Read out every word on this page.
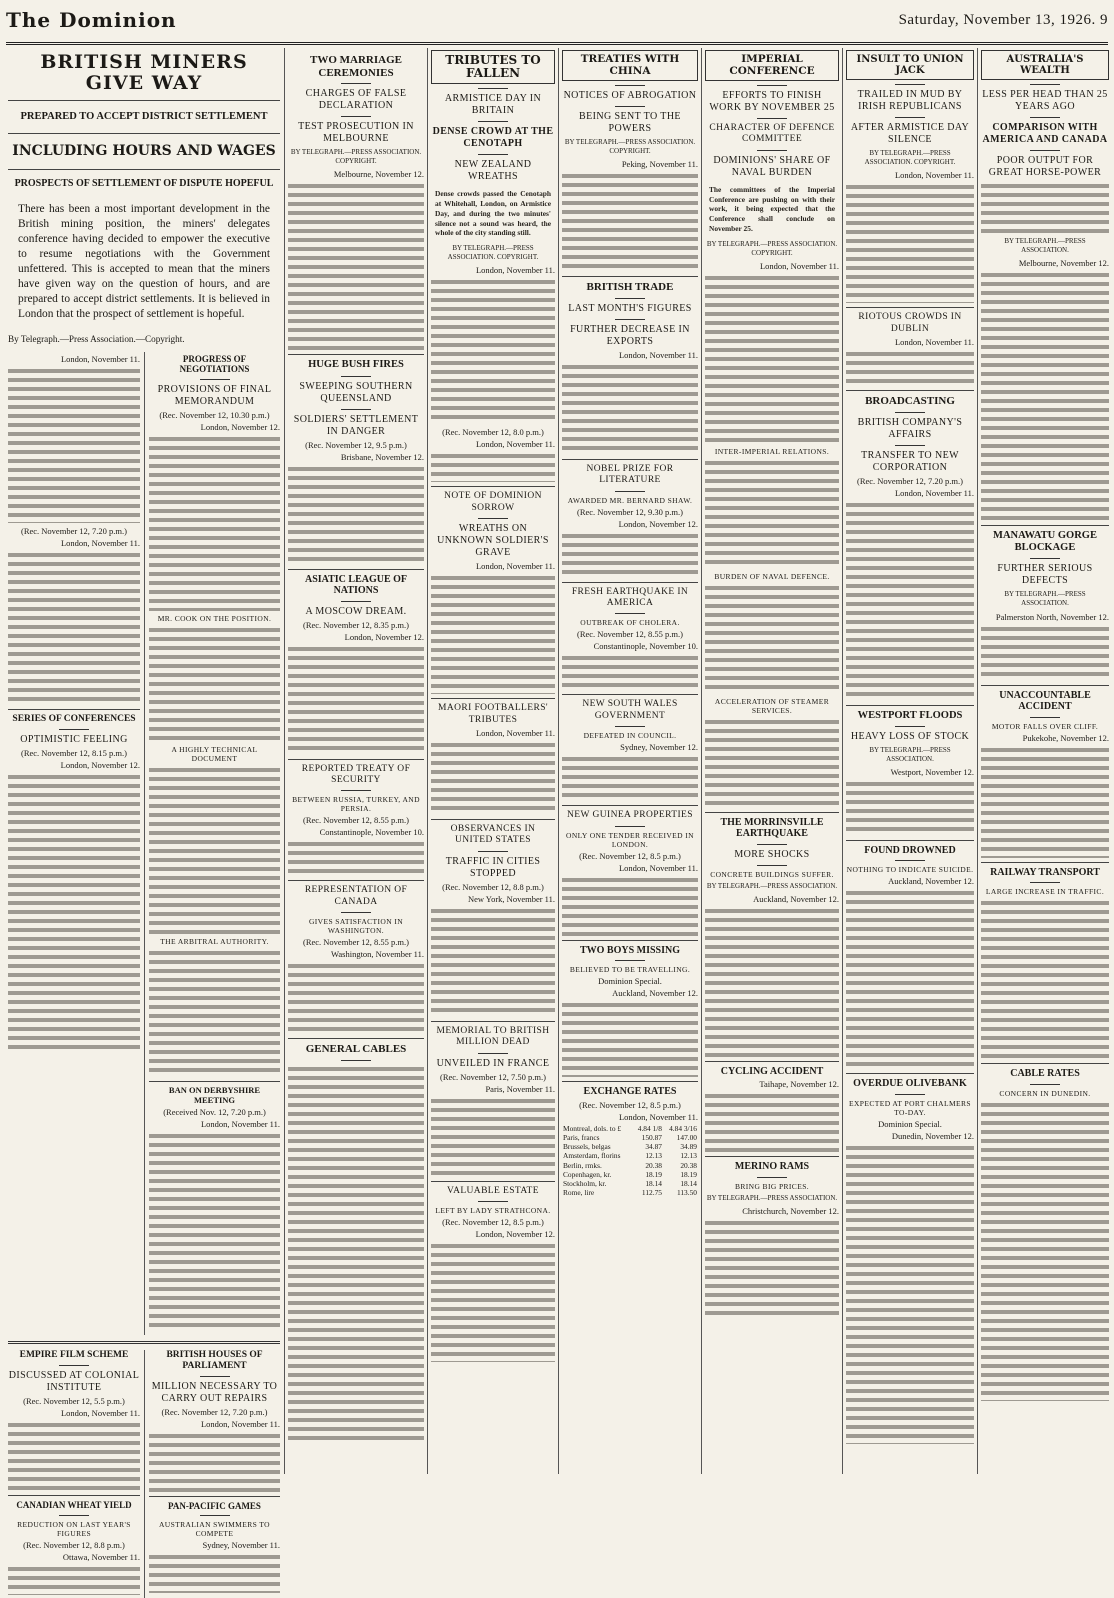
The Dominion	Saturday, November 13, 1926. 9
BRITISH MINERS GIVE WAY
PREPARED TO ACCEPT DISTRICT SETTLEMENT
INCLUDING HOURS AND WAGES
PROSPECTS OF SETTLEMENT OF DISPUTE HOPEFUL
There has been a most important development in the British mining position, the miners' delegates conference having decided to empower the executive to resume negotiations with the Government unfettered. This is accepted to mean that the miners have given way on the question of hours, and are prepared to accept district settlements. It is believed in London that the prospect of settlement is hopeful.
By Telegraph.—Press Association.—Copyright.
London, November 11.
(Rec. November 12, 7.20 p.m.)
London, November 11.
SERIES OF CONFERENCES
OPTIMISTIC FEELING
(Rec. November 12, 8.15 p.m.)
London, November 12.
PROGRESS OF NEGOTIATIONS
PROVISIONS OF FINAL MEMORANDUM
(Rec. November 12, 10.30 p.m.)
London, November 12.
MR. COOK ON THE POSITION.
A HIGHLY TECHNICAL DOCUMENT
THE ARBITRAL AUTHORITY.
BAN ON DERBYSHIRE MEETING
(Received Nov. 12, 7.20 p.m.)
London, November 11.
EMPIRE FILM SCHEME
DISCUSSED AT COLONIAL INSTITUTE
(Rec. November 12, 5.5 p.m.)
London, November 11.
CANADIAN WHEAT YIELD
REDUCTION ON LAST YEAR'S FIGURES
(Rec. November 12, 8.8 p.m.)
Ottawa, November 11.
BRITISH HOUSES OF PARLIAMENT
MILLION NECESSARY TO CARRY OUT REPAIRS
(Rec. November 12, 7.20 p.m.)
London, November 11.
PAN-PACIFIC GAMES
AUSTRALIAN SWIMMERS TO COMPETE
Sydney, November 11.
TWO MARRIAGE CEREMONIES
CHARGES OF FALSE DECLARATION
TEST PROSECUTION IN MELBOURNE
BY TELEGRAPH.—PRESS ASSOCIATION. COPYRIGHT.
Melbourne, November 12.
HUGE BUSH FIRES
SWEEPING SOUTHERN QUEENSLAND
SOLDIERS' SETTLEMENT IN DANGER
(Rec. November 12, 9.5 p.m.)
Brisbane, November 12.
ASIATIC LEAGUE OF NATIONS
A MOSCOW DREAM.
(Rec. November 12, 8.35 p.m.)
London, November 12.
REPORTED TREATY OF SECURITY
BETWEEN RUSSIA, TURKEY, AND PERSIA.
(Rec. November 12, 8.55 p.m.)
Constantinople, November 10.
REPRESENTATION OF CANADA
GIVES SATISFACTION IN WASHINGTON.
(Rec. November 12, 8.55 p.m.)
Washington, November 11.
GENERAL CABLES
TRIBUTES TO FALLEN
ARMISTICE DAY IN BRITAIN
DENSE CROWD AT THE CENOTAPH
NEW ZEALAND WREATHS
Dense crowds passed the Cenotaph at Whitehall, London, on Armistice Day, and during the two minutes' silence not a sound was heard, the whole of the city standing still.
BY TELEGRAPH.—PRESS ASSOCIATION. COPYRIGHT.
London, November 11.
(Rec. November 12, 8.0 p.m.)
London, November 11.
NOTE OF DOMINION SORROW
WREATHS ON UNKNOWN SOLDIER'S GRAVE
London, November 11.
MAORI FOOTBALLERS' TRIBUTES
London, November 11.
OBSERVANCES IN UNITED STATES
TRAFFIC IN CITIES STOPPED
(Rec. November 12, 8.8 p.m.)
New York, November 11.
MEMORIAL TO BRITISH MILLION DEAD
UNVEILED IN FRANCE
(Rec. November 12, 7.50 p.m.)
Paris, November 11.
VALUABLE ESTATE
LEFT BY LADY STRATHCONA.
(Rec. November 12, 8.5 p.m.)
London, November 12.
TREATIES WITH CHINA
NOTICES OF ABROGATION
BEING SENT TO THE POWERS
BY TELEGRAPH.—PRESS ASSOCIATION. COPYRIGHT.
Peking, November 11.
BRITISH TRADE
LAST MONTH'S FIGURES
FURTHER DECREASE IN EXPORTS
London, November 11.
NOBEL PRIZE FOR LITERATURE
AWARDED MR. BERNARD SHAW.
(Rec. November 12, 9.30 p.m.)
London, November 12.
FRESH EARTHQUAKE IN AMERICA
OUTBREAK OF CHOLERA.
(Rec. November 12, 8.55 p.m.)
Constantinople, November 10.
NEW SOUTH WALES GOVERNMENT
DEFEATED IN COUNCIL.
Sydney, November 12.
NEW GUINEA PROPERTIES
ONLY ONE TENDER RECEIVED IN LONDON.
(Rec. November 12, 8.5 p.m.)
London, November 11.
TWO BOYS MISSING
BELIEVED TO BE TRAVELLING.
Dominion Special.
Auckland, November 12.
EXCHANGE RATES
(Rec. November 12, 8.5 p.m.)
London, November 11.
Montreal, dols. to £	4.84 1/8	4.84 3/16
Paris, francs	150.87	147.00
Brussels, belgas	34.87	34.89
Amsterdam, florins	12.13	12.13
Berlin, rmks.	20.38	20.38
Copenhagen, kr.	18.19	18.19
Stockholm, kr.	18.14	18.14
Rome, lire	112.75	113.50
IMPERIAL CONFERENCE
EFFORTS TO FINISH WORK BY NOVEMBER 25
CHARACTER OF DEFENCE COMMITTEE
DOMINIONS' SHARE OF NAVAL BURDEN
The committees of the Imperial Conference are pushing on with their work, it being expected that the Conference shall conclude on November 25.
BY TELEGRAPH.—PRESS ASSOCIATION. COPYRIGHT.
London, November 11.
INTER-IMPERIAL RELATIONS.
BURDEN OF NAVAL DEFENCE.
ACCELERATION OF STEAMER SERVICES.
THE MORRINSVILLE EARTHQUAKE
MORE SHOCKS
CONCRETE BUILDINGS SUFFER.
BY TELEGRAPH.—PRESS ASSOCIATION.
Auckland, November 12.
CYCLING ACCIDENT
Taihape, November 12.
MERINO RAMS
BRING BIG PRICES.
BY TELEGRAPH.—PRESS ASSOCIATION.
Christchurch, November 12.
INSULT TO UNION JACK
TRAILED IN MUD BY IRISH REPUBLICANS
AFTER ARMISTICE DAY SILENCE
BY TELEGRAPH.—PRESS ASSOCIATION. COPYRIGHT.
London, November 11.
RIOTOUS CROWDS IN DUBLIN
London, November 11.
BROADCASTING
BRITISH COMPANY'S AFFAIRS
TRANSFER TO NEW CORPORATION
(Rec. November 12, 7.20 p.m.)
London, November 11.
WESTPORT FLOODS
HEAVY LOSS OF STOCK
BY TELEGRAPH.—PRESS ASSOCIATION.
Westport, November 12.
FOUND DROWNED
NOTHING TO INDICATE SUICIDE.
Auckland, November 12.
OVERDUE OLIVEBANK
EXPECTED AT PORT CHALMERS TO-DAY.
Dominion Special.
Dunedin, November 12.
AUSTRALIA'S WEALTH
LESS PER HEAD THAN 25 YEARS AGO
COMPARISON WITH AMERICA AND CANADA
POOR OUTPUT FOR GREAT HORSE-POWER
BY TELEGRAPH.—PRESS ASSOCIATION.
Melbourne, November 12.
MANAWATU GORGE BLOCKAGE
FURTHER SERIOUS DEFECTS
BY TELEGRAPH.—PRESS ASSOCIATION.
Palmerston North, November 12.
UNACCOUNTABLE ACCIDENT
MOTOR FALLS OVER CLIFF.
Pukekohe, November 12.
RAILWAY TRANSPORT
LARGE INCREASE IN TRAFFIC.
CABLE RATES
CONCERN IN DUNEDIN.
